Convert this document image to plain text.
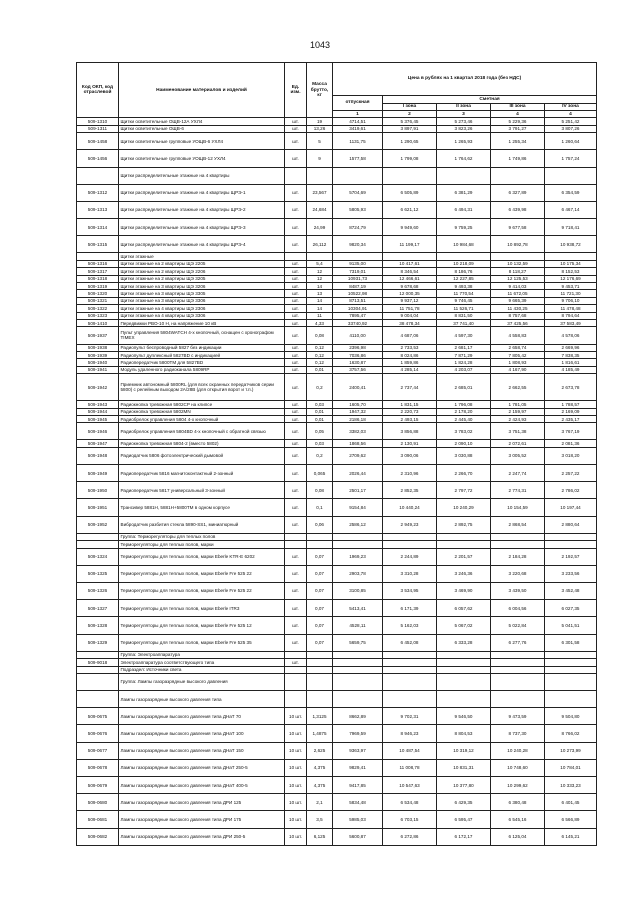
1043
Код ОКП, код отраслевой	Наименование материалов и изделий	Ед. изм.	Масса брутто, кг	Цена в рублях на 1 квартал 2018 года (без НДС)					
				отпускная	Сметная				
					I зона	II зона	III зона	IV зона	
				1	2	3	4	4				
509-1310	Щитки осветительные ОЩВ-12А УХЛ4	шт.	19	4714,51	5 376,45	5 273,46	5 229,36	5 251,42	
509-1311	Щитки осветительные ОЩВ-6	шт.	13,26	3419,61	3 897,91	3 823,26	3 791,27	3 807,26	
509-1458	Щитки осветительные групповые УОЩВ-6 УХЛ4	шт.	5	1131,75	1 290,65	1 265,93	1 255,34	1 260,64	
509-1456	Щитки осветительные групповые УОЩВ-12 УХЛ4	шт.	9	1577,58	1 799,08	1 764,62	1 749,86	1 757,24	
	Щитки распределительные этажные на 4 квартиры								
509-1312	Щитки распределительные этажные на 4 квартиры ЩРЭ-1	шт.	23,567	5704,69	6 505,89	6 381,29	6 327,89	6 354,59	
509-1313	Щитки распределительные этажные на 4 квартиры ЩРЭ-2	шт.	24,684	5805,93	6 621,12	6 494,31	6 439,98	6 467,14	
509-1314	Щитки распределительные этажные на 4 квартиры ЩРЭ-3	шт.	24,99	8724,79	9 949,60	9 759,25	9 677,58	9 718,41	
509-1315	Щитки распределительные этажные на 4 квартиры ЩРЭ-4	шт.	26,112	9820,34	11 199,17	10 984,68	10 892,78	10 938,72	
	Щитки этажные								
509-1316	Щитки этажные на 2 квартиры ЩЭ 2205	шт.	5,4	9135,00	10 417,61	10 218,09	10 132,59	10 175,34	
509-1317	Щитки этажные на 2 квартиры ЩЭ 2206	шт.	12	7319,01	8 346,54	8 186,76	8 118,27	8 152,53	
509-1318	Щитки этажные на 2 квартиры ЩЭ 3205	шт.	12	10931,73	12 466,61	12 227,85	12 125,53	12 176,69	
509-1319	Щитки этажные на 3 квартиры ЩЭ 3206	шт.	14	8487,19	9 678,68	9 493,38	9 414,03	9 453,71	
509-1320	Щитки этажные на 3 квартиры ЩЭ 3305	шт.	13	10522,98	12 000,35	11 770,54	11 672,05	11 721,30	
509-1321	Щитки этажные на 3 квартиры ЩЭ 3306	шт.	14	8713,51	9 937,12	9 746,45	9 665,39	9 706,10	
509-1322	Щитки этажные на 4 квартиры ЩЭ 2306	шт.	14	10304,91	11 751,78	11 526,71	11 430,25	11 478,48	
509-1323	Щитки этажные на 4 квартиры ЩЭ 3306	шт.	11	7895,47	9 004,04	8 831,50	8 757,68	8 794,64	
509-1410	Передвижки РВО-10 Н, на напряжение 10 кВ	шт.	4,33	33740,92	38 478,34	37 741,40	37 425,56	37 583,49	
509-1937	Пульт управления 5804WATCH 4-х кнопочный, оснащен с хронографом TIMEX	шт.	0,08	4110,00	4 687,06	4 597,30	4 558,83	4 578,06	
509-1938	Радиопульт беспроводный 5827 без индикации	шт.	0,12	2396,98	2 733,53	2 681,17	2 658,74	2 669,96	
509-1939	Радиопульт дуплексный 5827BD с индикацией	шт.	0,12	7036,86	8 024,86	7 871,29	7 805,42	7 838,35	
509-1940	Радиопередатчик 5800TM для 5827BD	шт.	0,12	1630,87	1 859,86	1 824,28	1 808,93	1 816,61	
509-1941	Модуль удаленного радиоканала 5809RP	шт.	0,01	3757,56	4 285,14	4 203,07	4 167,90	4 185,49	
509-1942	Приемник автономный 5800RL (для всех охранных передатчиков серии 5800) с релейным выходом 2А/28В (для открытия ворот и т.п.)	шт.	0,2	2400,41	2 737,44	2 685,01	2 662,55	2 673,78	
509-1943	Радиокнопка тревожная 5802CP на клипсе	шт.	0,03	1605,70	1 831,15	1 796,08	1 781,05	1 788,57	
509-1944	Радиокнопка тревожная 5802MN	шт.	0,01	1947,32	2 220,73	2 178,20	2 159,97	2 169,09	
509-1945	Радиобрелок управления 5804 4-х кнопочный	шт.	0,01	2186,18	2 493,15	2 445,40	2 424,93	2 435,17	
509-1946	Радиобрелок управления 5804BD 4-х кнопочный с обратной связью	шт.	0,05	3382,03	3 856,88	3 783,02	3 751,38	3 767,19	
509-1947	Радиокнопка тревожная 5804-2 (вместо 5802)	шт.	0,03	1868,56	2 130,91	2 090,10	2 072,61	2 081,36	
509-1948	Радиодатчик 5806 фотоэлектрический дымовой	шт.	0,2	2709,62	3 090,06	3 030,88	3 005,52	3 018,20	
509-1949	Радиопередатчик 5816 магнитоконтактный 2-зонный	шт.	0,065	2026,44	2 310,96	2 266,70	2 247,74	2 257,22	
509-1950	Радиопередатчик 5817 универсальный 3-зонный	шт.	0,08	2501,17	2 852,35	2 797,72	2 774,31	2 786,02	
509-1951	Трансивер 5881H, 5881H+5800TM в одном корпусе	шт.	0,1	9154,84	10 440,24	10 240,29	10 154,59	10 197,44	
509-1952	Вибродатчик разбития стекла 5890-SS1, миниатюрный	шт.	0,06	2586,12	2 949,23	2 892,75	2 868,54	2 880,64	
	Группа: Терморегуляторы для теплых полов								
	Терморегуляторы для теплых полов, марки								
509-1324	Терморегуляторы для теплых полов, марки Eberle KTR-E 6202	шт.	0,07	1969,23	2 244,89	2 201,57	2 184,28	2 192,57	
509-1325	Терморегуляторы для теплых полов, марки Eberle Fre 525 22	шт.	0,07	2903,78	3 310,28	3 246,36	3 220,68	3 233,56	
509-1326	Терморегуляторы для теплых полов, марки Eberle Fre 525 22	шт.	0,07	3100,85	3 534,95	3 469,90	3 439,50	3 452,48	
509-1327	Терморегуляторы для теплых полов, марки Eberle ITR3	шт.	0,07	5413,41	6 171,39	6 057,62	6 004,56	6 027,35	
509-1328	Терморегуляторы для теплых полов, марки Eberle Fre 525 12	шт.	0,07	4528,11	5 162,03	5 067,02	5 022,84	5 041,51	
509-1329	Терморегуляторы для теплых полов, марки Eberle Fre 525 35	шт.	0,07	5659,75	6 452,08	6 333,28	6 277,76	6 301,58	
	Группа: Электроаппаратура								
509-9018	Электроаппаратура соответствующего типа	шт.							
	Подраздел: Источники света								
	Группа: Лампы газоразрядные высокого давления								
	Лампы газоразрядные высокого давления типа								
509-0675	Лампы газоразрядные высокого давления типа ДНаТ 70	10 шт.	1,3125	8662,89	9 702,31	9 546,50	9 473,59	9 504,80	
509-0676	Лампы газоразрядные высокого давления типа ДНаТ 100	10 шт.	1,4875	7969,59	8 946,23	8 804,53	8 737,30	8 766,02	
509-0677	Лампы газоразрядные высокого давления типа ДНаТ 150	10 шт.	2,625	9363,97	10 487,54	10 319,12	10 240,28	10 273,99	
509-0678	Лампы газоразрядные высокого давления типа ДНаТ 250-5	10 шт.	4,375	9829,41	11 008,78	10 831,31	10 748,60	10 784,01	
509-0679	Лампы газоразрядные высокого давления типа ДНаТ 400-5	10 шт.	4,375	9417,85	10 547,63	10 377,80	10 299,62	10 333,23	
509-0680	Лампы газоразрядные высокого давления типа ДРИ 125	10 шт.	2,1	5834,48	6 534,48	6 429,35	6 380,48	6 401,45	
509-0681	Лампы газоразрядные высокого давления типа ДРИ 175	10 шт.	3,5	5985,03	6 703,15	6 595,47	6 545,16	6 566,89	
509-0682	Лампы газоразрядные высокого давления типа ДРИ 250-5	10 шт.	6,125	5600,87	6 272,86	6 172,17	6 125,04	6 145,21	
